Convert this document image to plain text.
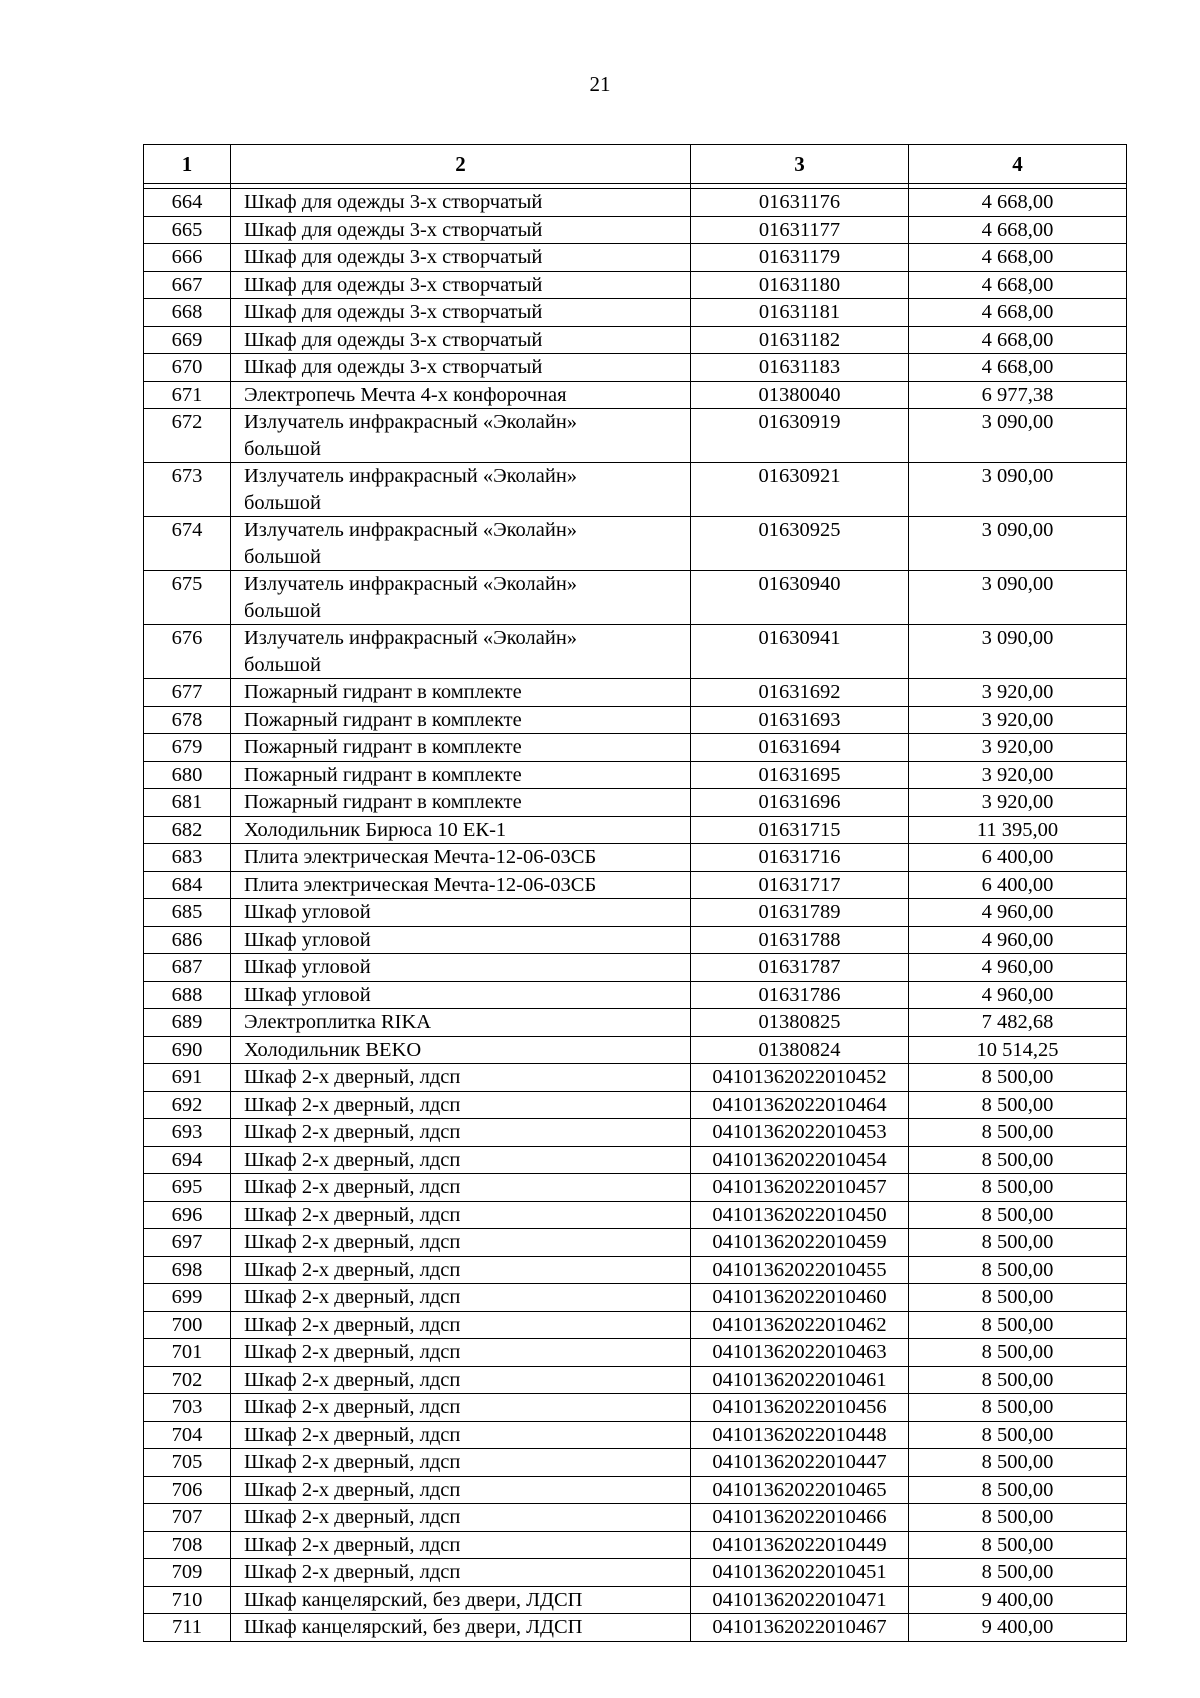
21
1	2	3	4

664	Шкаф для одежды 3-х створчатый	01631176	4 668,00
665	Шкаф для одежды 3-х створчатый	01631177	4 668,00
666	Шкаф для одежды 3-х створчатый	01631179	4 668,00
667	Шкаф для одежды 3-х створчатый	01631180	4 668,00
668	Шкаф для одежды 3-х створчатый	01631181	4 668,00
669	Шкаф для одежды 3-х створчатый	01631182	4 668,00
670	Шкаф для одежды 3-х створчатый	01631183	4 668,00
671	Электропечь Мечта 4-х конфорочная	01380040	6 977,38
672	Излучатель инфракрасный «Эколайн» большой	01630919	3 090,00
673	Излучатель инфракрасный «Эколайн» большой	01630921	3 090,00
674	Излучатель инфракрасный «Эколайн» большой	01630925	3 090,00
675	Излучатель инфракрасный «Эколайн» большой	01630940	3 090,00
676	Излучатель инфракрасный «Эколайн» большой	01630941	3 090,00
677	Пожарный гидрант в комплекте	01631692	3 920,00
678	Пожарный гидрант в комплекте	01631693	3 920,00
679	Пожарный гидрант в комплекте	01631694	3 920,00
680	Пожарный гидрант в комплекте	01631695	3 920,00
681	Пожарный гидрант в комплекте	01631696	3 920,00
682	Холодильник Бирюса 10 ЕК-1	01631715	11 395,00
683	Плита электрическая Мечта-12-06-03СБ	01631716	6 400,00
684	Плита электрическая Мечта-12-06-03СБ	01631717	6 400,00
685	Шкаф угловой	01631789	4 960,00
686	Шкаф угловой	01631788	4 960,00
687	Шкаф угловой	01631787	4 960,00
688	Шкаф угловой	01631786	4 960,00
689	Электроплитка RIKA	01380825	7 482,68
690	Холодильник BEKO	01380824	10 514,25
691	Шкаф 2-х дверный, лдсп	04101362022010452	8 500,00
692	Шкаф 2-х дверный, лдсп	04101362022010464	8 500,00
693	Шкаф 2-х дверный, лдсп	04101362022010453	8 500,00
694	Шкаф 2-х дверный, лдсп	04101362022010454	8 500,00
695	Шкаф 2-х дверный, лдсп	04101362022010457	8 500,00
696	Шкаф 2-х дверный, лдсп	04101362022010450	8 500,00
697	Шкаф 2-х дверный, лдсп	04101362022010459	8 500,00
698	Шкаф 2-х дверный, лдсп	04101362022010455	8 500,00
699	Шкаф 2-х дверный, лдсп	04101362022010460	8 500,00
700	Шкаф 2-х дверный, лдсп	04101362022010462	8 500,00
701	Шкаф 2-х дверный, лдсп	04101362022010463	8 500,00
702	Шкаф 2-х дверный, лдсп	04101362022010461	8 500,00
703	Шкаф 2-х дверный, лдсп	04101362022010456	8 500,00
704	Шкаф 2-х дверный, лдсп	04101362022010448	8 500,00
705	Шкаф 2-х дверный, лдсп	04101362022010447	8 500,00
706	Шкаф 2-х дверный, лдсп	04101362022010465	8 500,00
707	Шкаф 2-х дверный, лдсп	04101362022010466	8 500,00
708	Шкаф 2-х дверный, лдсп	04101362022010449	8 500,00
709	Шкаф 2-х дверный, лдсп	04101362022010451	8 500,00
710	Шкаф канцелярский, без двери, ЛДСП	04101362022010471	9 400,00
711	Шкаф канцелярский, без двери, ЛДСП	04101362022010467	9 400,00
